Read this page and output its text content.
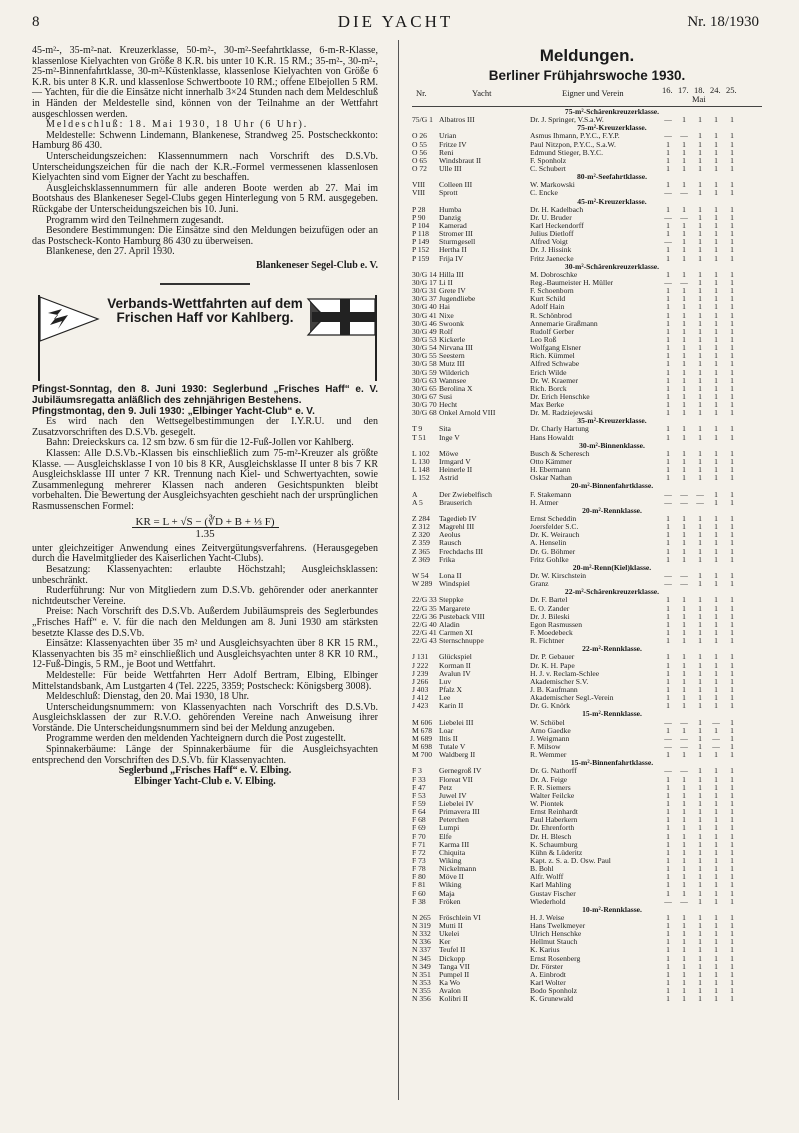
8	DIE YACHT	Nr. 18/1930

45-m²-, 35-m²-nat. Kreuzerklasse, 50-m²-, 30-m²-Seefahrtklasse, 6-m-R-Klasse, klassenlose Kielyachten von Größe 8 K.R. bis unter 10 K.R. 15 RM.; 35-m²-, 30-m²-, 25-m²-Binnenfahrtklasse, 30-m²-Küstenklasse, klassenlose Kielyachten von Größe 6 K.R. bis unter 8 K.R. und klassenlose Schwertboote 10 RM.; offene Elbejollen 5 RM. — Yachten, für die die Einsätze nicht innerhalb 3×24 Stunden nach dem Meldeschluß in Händen der Meldestelle sind, können von der Teilnahme an der Wettfahrt ausgeschlossen werden.

Meldeschluß: 18. Mai 1930, 18 Uhr (6 Uhr).

Meldestelle: Schwenn Lindemann, Blankenese, Strandweg 25. Postscheckkonto: Hamburg 86 430.

Unterscheidungszeichen: Klassennummern nach Vorschrift des D.S.Vb. Unterscheidungszeichen für die nach der K.R.-Formel vermessenen klassenlosen Kielyachten sind vom Eigner der Yacht zu beschaffen.

Ausgleichsklassennummern für alle anderen Boote werden ab 27. Mai im Bootshaus des Blankeneser Segel-Clubs gegen Hinterlegung von 5 RM. ausgegeben. Rückgabe der Unterscheidungszeichen bis 10. Juni.

Programm wird den Teilnehmern zugesandt.

Besondere Bestimmungen: Die Einsätze sind den Meldungen beizufügen oder an das Postscheck-Konto Hamburg 86 430 zu überweisen.

Blankenese, den 27. April 1930.

Blankeneser Segel-Club e. V.

Verbands-Wettfahrten auf dem Frischen Haff vor Kahlberg.

Pfingst-Sonntag, den 8. Juni 1930: Seglerbund „Frisches Haff“ e. V. Jubiläumsregatta anläßlich des zehnjährigen Bestehens.

Pfingstmontag, den 9. Juli 1930: „Elbinger Yacht-Club“ e. V.

Es wird nach den Wettsegelbestimmungen der I.Y.R.U. und den Zusatzvorschriften des D.S.Vb. gesegelt.

Bahn: Dreieckskurs ca. 12 sm bzw. 6 sm für die 12-Fuß-Jollen vor Kahlberg.

Klassen: Alle D.S.Vb.-Klassen bis einschließlich zum 75-m²-Kreuzer als größte Klasse. — Ausgleichsklasse I von 10 bis 8 KR, Ausgleichsklasse II unter 8 bis 7 KR Ausgleichsklasse III unter 7 KR. Trennung nach Kiel- und Schwertyachten, sowie Zusammenlegung mehrerer Klassen nach anderen Gesichtspunkten bleibt vorbehalten. Die Bewertung der Ausgleichsyachten geschieht nach der ursprünglichen Rasmussenschen Formel:

$\frac{\text{KR = L + √S − (∛D + B + ⅓ F)}}{1.35}$

unter gleichzeitiger Anwendung eines Zeitvergütungsverfahrens. (Herausgegeben durch die Havelmitglieder des Kaiserlichen Yacht-Clubs).

Besatzung: Klassenyachten: erlaubte Höchstzahl; Ausgleichsklassen: unbeschränkt.

Ruderführung: Nur von Mitgliedern zum D.S.Vb. gehörender oder anerkannter nichtdeutscher Vereine.

Preise: Nach Vorschrift des D.S.Vb. Außerdem Jubiläumspreis des Seglerbundes „Frisches Haff“ e. V. für die nach den Meldungen am 8. Juni 1930 am stärksten besetzte Klasse des D.S.Vb.

Einsätze: Klassenyachten über 35 m² und Ausgleichsyachten über 8 KR 15 RM., Klassenyachten bis 35 m² einschließlich und Ausgleichsyachten unter 8 KR 10 RM., 12-Fuß-Dingis, 5 RM., je Boot und Wettfahrt.

Meldestelle: Für beide Wettfahrten Herr Adolf Bertram, Elbing, Elbinger Mittelstandsbank, Am Lustgarten 4 (Tel. 2225, 3359; Postscheck: Königsberg 3008).

Meldeschluß: Dienstag, den 20. Mai 1930, 18 Uhr.

Unterscheidungsnummern: von Klassenyachten nach Vorschrift des D.S.Vb. Ausgleichsklassen der zur R.V.O. gehörenden Vereine nach Anweisung ihrer Vorstände. Die Unterscheidungsnummern sind bei der Meldung anzugeben.

Programme werden den meldenden Yachteignern durch die Post zugestellt.

Spinnakerbäume: Länge der Spinnakerbäume für die Ausgleichsyachten entsprechend den Vorschriften des D.S.Vb. für Klassenyachten.

Seglerbund „Frisches Haff“ e. V. Elbing.

Elbinger Yacht-Club e. V. Elbing.

Meldungen.
Berliner Frühjahrswoche 1930.
Nr.	Yacht	Eigner und Verein	16. 17. 18. 24. 25.
Mai
75-m²-Schärenkreuzerklasse.
75/G 1 Albatros III	Dr. J. Springer, V.S.a.W.	—	1	1	1	1
75-m²-Kreuzerklasse.
O 26	Urian	Asmus Ihmann, P.Y.C., F.Y.P.	— —	1	1	1
O 55	Fritze IV	Paul Nitzpon, P.Y.C., S.a.W.	1	1	1	1	1
O 56	Reni	Edmund Stieger, B.Y.C.	1	1	1	1	1
O 65	Windsbraut II	F. Sponholz	1	1	1	1	1
O 72	Ulle III	C. Schubert	1	1	1	1	1
80-m²-Seefahrtklasse.
VIII	Colleen III	W. Markowski	1	1	1	1	1
VIII	Sprott	C. Encke	— —	1	1	1
45-m²-Kreuzerklasse.
P 28	Humba	Dr. H. Kadelbach	1	1	1	1	1
P 90	Danzig	Dr. U. Bruder	— —	1	1	1
P 104	Kamerad	Karl Heckendorff	1	1	1	1	1
P 118	Stromer III	Julius Dietloff	1	1	1	1	1
P 149	Sturmgesell	Alfred Voigt	—	1	1	1	1
P 152	Hertha II	Dr. J. Hissink	1	1	1	1	1
P 159	Frija IV	Fritz Jaenecke	1	1	1	1	1
30-m²-Schärenkreuzerklasse.
30/G 14 Hilla III	M. Dobroschke	1	1	1	1	1
30/G 17 Li II	Reg.-Baumeister H. Müller	— —	1	1	1
30/G 31 Grete IV	F. Schoenborn	1	1	1	1	1
30/G 37 Jugendliebe	Kurt Schild	1	1	1	1	1
30/G 40 Hai	Adolf Hain	1	1	1	1	1
30/G 41 Nixe	R. Schönbrod	1	1	1	1	1
30/G 46 Swoonk	Annemarie Graßmann	1	1	1	1	1
30/G 49 Rolf	Rudolf Gerber	1	1	1	1	1
30/G 53 Kickerle	Leo Roß	1	1	1	1	1
30/G 54 Nirvana III	Wolfgang Elsner	1	1	1	1	1
30/G 55 Seestern	Rich. Kümmel	1	1	1	1	1
30/G 58 Mutz III	Alfred Schwabe	1	1	1	1	1
30/G 59 Wilderich	Erich Wilde	1	1	1	1	1
30/G 63 Wannsee	Dr. W. Kraemer	1	1	1	1	1
30/G 65 Berolina X	Rich. Borck	1	1	1	1	1
30/G 67 Susi	Dr. Erich Henschke	1	1	1	1	1
30/G 70 Hecht	Max Berke	1	1	1	1	1
30/G 68 Onkel Arnold VIII	Dr. M. Radziejewski	1	1	1	1	1
35-m²-Kreuzerklasse.
T 9	Sita	Dr. Charly Hartung	1	1	1	1	1
T 51	Inge V	Hans Howaldt	1	1	1	1	1
30-m²-Binnenklasse.
L 102	Möwe	Busch & Scheresch	1	1	1	1	1
L 130	Irmgard V	Otto Kämmer	1	1	1	1	1
L 148	Heinerle II	H. Ebermann	1	1	1	1	1
L 152	Astrid	Oskar Nathan	1	1	1	1	1
20-m²-Binnenfahrtklasse.
A	Der Zwiebelfisch	F. Stakemann	— — —	1	1
A 5	Brauserich	H. Atmer	— — —	1	1
20-m²-Rennklasse.
Z 284	Tagedieb IV	Ernst Scheddin	1	1	1	1	1
Z 312	Magrehl III	Joersfelder S.C.	1	1	1	1	1
Z 320	Aeolus	Dr. K. Weirauch	1	1	1	1	1
Z 359	Rausch	A. Henselin	1	1	1	1	1
Z 365	Frechdachs III	Dr. G. Böhmer	1	1	1	1	1
Z 369	Frika	Fritz Gohlke	1	1	1	1	1
20-m²-Renn(Kiel)klasse.
W 54	Lona II	Dr. W. Kirschstein	— —	1	1	1
W 289 Windspiel	Granz	— —	1	1	1
22-m²-Schärenkreuzerklasse.
22/G 33 Steppke	Dr. F. Bartel	1	1	1	1	1
22/G 35 Margarete	E. O. Zander	1	1	1	1	1
22/G 36 Pusteback VIII	Dr. J. Bileski	1	1	1	1	1
22/G 40 Aladin	Egon Rasmussen	1	1	1	1	1
22/G 41 Carmen XI	F. Moedebeck	1	1	1	1	1
22/G 43 Sternschnuppe	R. Fichtner	1	1	1	1	1
22-m²-Rennklasse.
J 131	Glückspiel	Dr. P. Gebauer	1	1	1	1	1
J 222	Korman II	Dr. K. H. Pape	1	1	1	1	1
J 239	Avalun IV	H. J. v. Reclam-Schlee	1	1	1	1	1
J 266	Luv	Akademischer S.V.	1	1	1	1	1
J 403	Pfalz X	J. B. Kaufmann	1	1	1	1	1
J 412	Lee	Akademischer Segl.-Verein	1	1	1	1	1
J 423	Karin II	Dr. G. Knörk	1	1	1	1	1
15-m²-Rennklasse.
M 606 Liebelei III	W. Schöbel	— —	1	—	1
M 678 Loar	Arno Gaedke	1	1	1	1	1
M 689 Iltis II	J. Weigmann	— —	1	—	1
M 698 Tutale V	F. Milsow	— —	1	—	1
M 700 Waldberg II	R. Wemmer	1	1	1	1	1
15-m²-Binnenfahrtklasse.
F 3	Gernegroß IV	Dr. G. Nathorff	— —	1	1	1
F 33	Floreat VII	Dr. A. Feige	1	1	1	1	1
F 47	Petz	F. R. Siemers	1	1	1	1	1
F 53	Juwel IV	Walter Feilcke	1	1	1	1	1
F 59	Liebelei IV	W. Piontek	1	1	1	1	1
F 64	Primavera III	Ernst Reinhardt	1	1	1	1	1
F 68	Peterchen	Paul Haberkern	1	1	1	1	1
F 69	Lumpi	Dr. Ehrenforth	1	1	1	1	1
F 70	Elfe	Dr. H. Blesch	1	1	1	1	1
F 71	Karma III	K. Schaumburg	1	1	1	1	1
F 72	Chiquita	Kühn & Lüderitz	1	1	1	1	1
F 73	Wiking	Kapt. z. S. a. D. Osw. Paul	1	1	1	1	1
F 78	Nickelmann	B. Bohl	1	1	1	1	1
F 80	Möve II	Alfr. Wolff	1	1	1	1	1
F 81	Wiking	Karl Mahling	1	1	1	1	1
F 60	Maja	Gustav Fischer	1	1	1	1	1
F 38	Fröken	Wiederhold	— —	1	1	1
10-m²-Rennklasse.
N 265	Fröschlein VI	H. J. Weise	1	1	1	1	1
N 319	Mutti II	Hans Twelkmeyer	1	1	1	1	1
N 332	Ukelei	Ulrich Henschke	1	1	1	1	1
N 336	Ker	Hellmut Stauch	1	1	1	1	1
N 337	Teufel II	K. Karius	1	1	1	1	1
N 345	Dickopp	Ernst Rosenberg	1	1	1	1	1
N 349	Tanga VII	Dr. Förster	1	1	1	1	1
N 351	Pumpel II	A. Einbrodt	1	1	1	1	1
N 353	Ka Wo	Karl Wolter	1	1	1	1	1
N 355	Avalon	Bodo Sponholz	1	1	1	1	1
N 356	Kolibri II	K. Grunewald	1	1	1	1	1
